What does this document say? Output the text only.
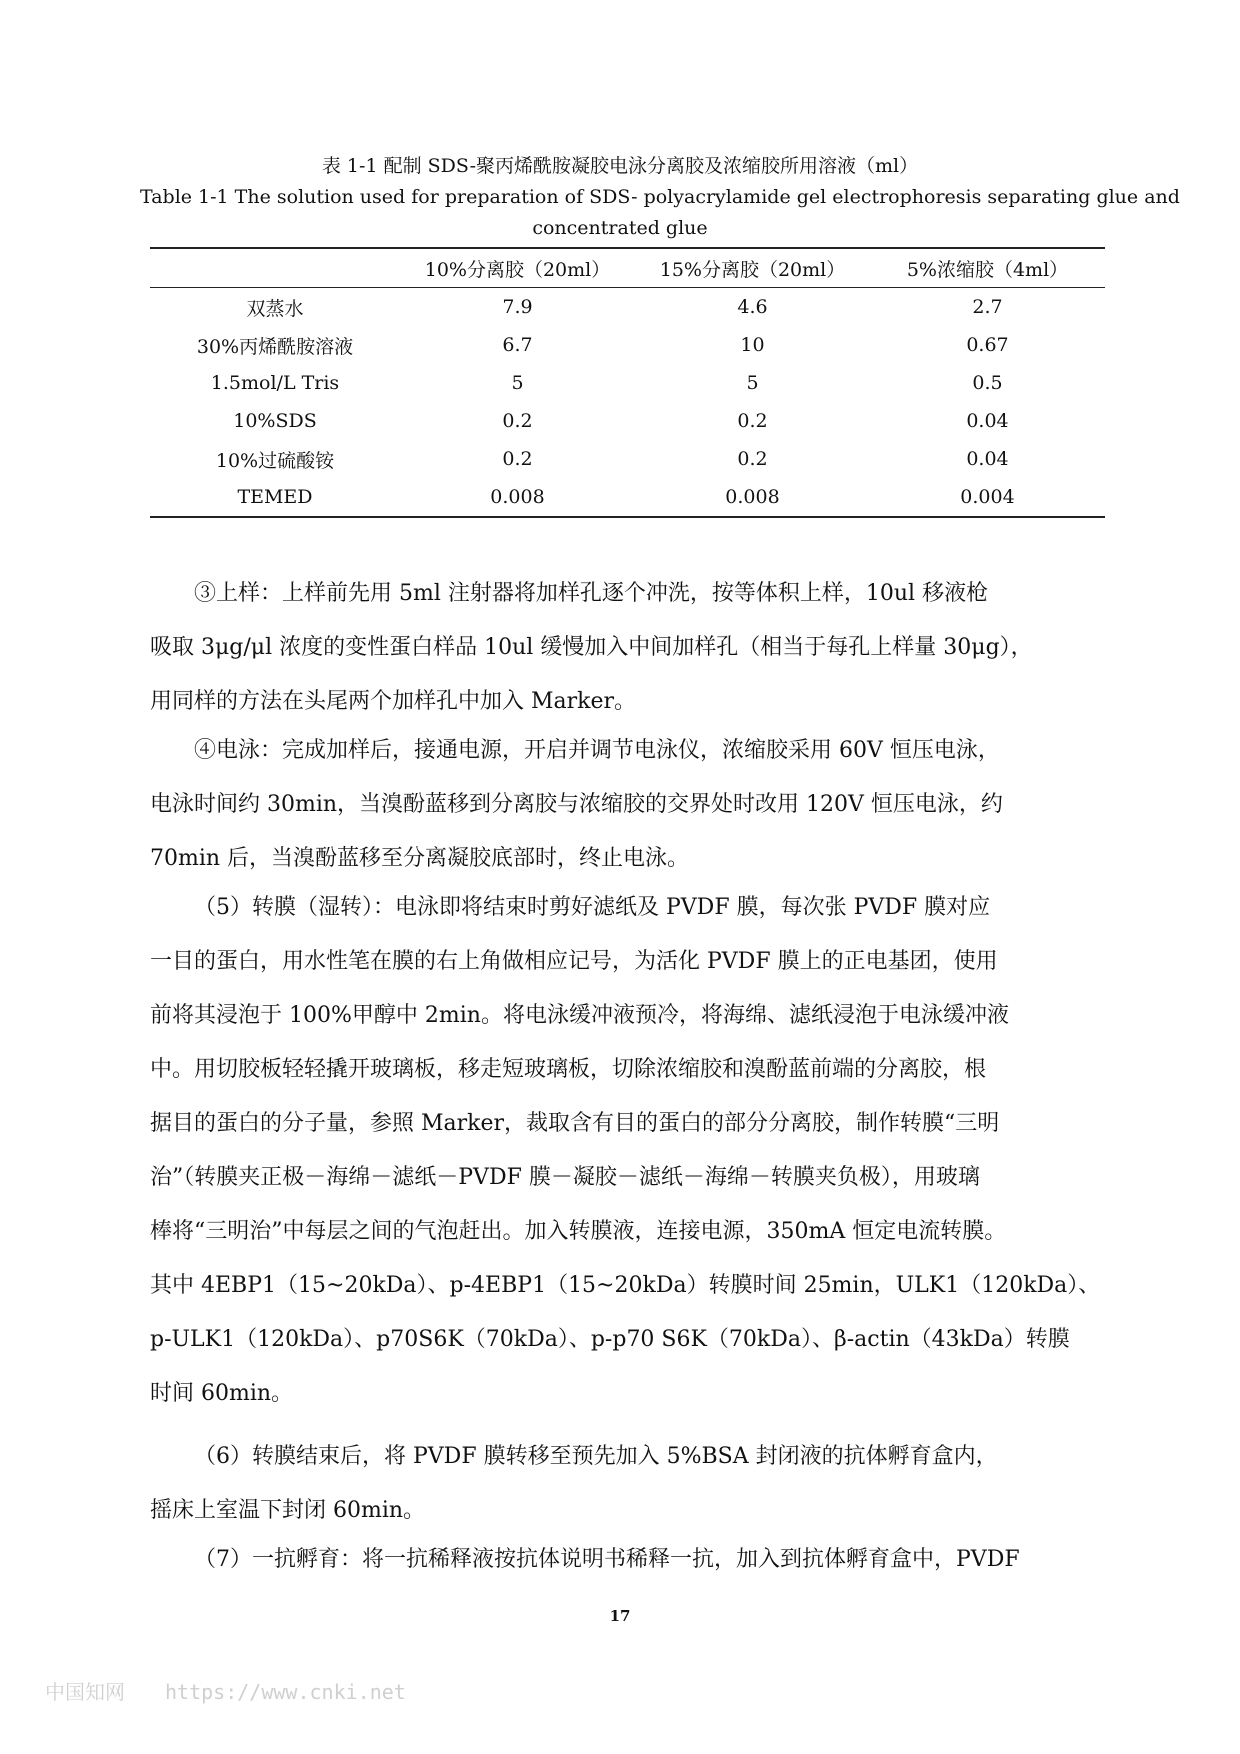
表 1-1 配制 SDS-聚丙烯酰胺凝胶电泳分离胶及浓缩胶所用溶液（ml）
Table 1-1 The solution used for preparation of SDS- polyacrylamide gel electrophoresis separating glue and
concentrated glue
	10%分离胶（20ml）	15%分离胶（20ml）	5%浓缩胶（4ml）
双蒸水	7.9	4.6	2.7
30%丙烯酰胺溶液	6.7	10	0.67
1.5mol/L Tris	5	5	0.5
10%SDS	0.2	0.2	0.04
10%过硫酸铵	0.2	0.2	0.04
TEMED	0.008	0.008	0.004
③上样：上样前先用 5ml 注射器将加样孔逐个冲洗，按等体积上样，10ul 移液枪
吸取 3μg/μl 浓度的变性蛋白样品 10ul 缓慢加入中间加样孔（相当于每孔上样量 30μg），
用同样的方法在头尾两个加样孔中加入 Marker。
④电泳：完成加样后，接通电源，开启并调节电泳仪，浓缩胶采用 60V 恒压电泳，
电泳时间约 30min，当溴酚蓝移到分离胶与浓缩胶的交界处时改用 120V 恒压电泳，约
70min 后，当溴酚蓝移至分离凝胶底部时，终止电泳。
（5）转膜（湿转）：电泳即将结束时剪好滤纸及 PVDF 膜，每次张 PVDF 膜对应
一目的蛋白，用水性笔在膜的右上角做相应记号，为活化 PVDF 膜上的正电基团，使用
前将其浸泡于 100%甲醇中 2min。将电泳缓冲液预冷，将海绵、滤纸浸泡于电泳缓冲液
中。用切胶板轻轻撬开玻璃板，移走短玻璃板，切除浓缩胶和溴酚蓝前端的分离胶，根
据目的蛋白的分子量，参照 Marker，裁取含有目的蛋白的部分分离胶，制作转膜“三明
治”（转膜夹正极－海绵－滤纸－PVDF 膜－凝胶－滤纸－海绵－转膜夹负极），用玻璃
棒将“三明治”中每层之间的气泡赶出。加入转膜液，连接电源，350mA 恒定电流转膜。
其中 4EBP1（15~20kDa）、p-4EBP1（15~20kDa）转膜时间 25min，ULK1（120kDa）、
p-ULK1（120kDa）、p70S6K（70kDa）、p-p70 S6K（70kDa）、β-actin（43kDa）转膜
时间 60min。
（6）转膜结束后，将 PVDF 膜转移至预先加入 5%BSA 封闭液的抗体孵育盒内，
摇床上室温下封闭 60min。
（7）一抗孵育：将一抗稀释液按抗体说明书稀释一抗，加入到抗体孵育盒中，PVDF
17
中国知网 https://www.cnki.net
